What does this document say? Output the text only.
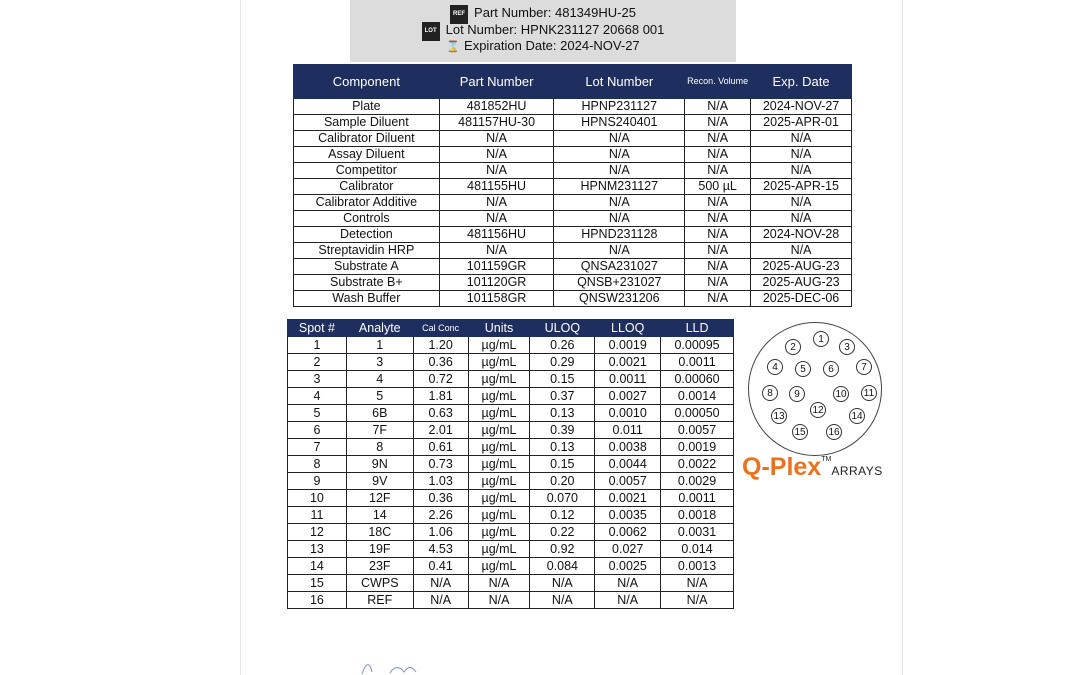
REF Part Number: 481349HU-25
LOT Lot Number: HPNK231127 20668 001
⌛ Expiration Date: 2024-NOV-27
Component	Part Number	Lot Number	Recon. Volume	Exp. Date
Plate	481852HU	HPNP231127	N/A	2024-NOV-27
Sample Diluent	481157HU-30	HPNS240401	N/A	2025-APR-01
Calibrator Diluent	N/A	N/A	N/A	N/A
Assay Diluent	N/A	N/A	N/A	N/A
Competitor	N/A	N/A	N/A	N/A
Calibrator	481155HU	HPNM231127	500 µL	2025-APR-15
Calibrator Additive	N/A	N/A	N/A	N/A
Controls	N/A	N/A	N/A	N/A
Detection	481156HU	HPND231128	N/A	2024-NOV-28
Streptavidin HRP	N/A	N/A	N/A	N/A
Substrate A	101159GR	QNSA231027	N/A	2025-AUG-23
Substrate B+	101120GR	QNSB+231027	N/A	2025-AUG-23
Wash Buffer	101158GR	QNSW231206	N/A	2025-DEC-06
Spot #	Analyte	Cal Conc	Units	ULOQ	LLOQ	LLD
1	1	1.20	µg/mL	0.26	0.0019	0.00095
2	3	0.36	µg/mL	0.29	0.0021	0.0011
3	4	0.72	µg/mL	0.15	0.0011	0.00060
4	5	1.81	µg/mL	0.37	0.0027	0.0014
5	6B	0.63	µg/mL	0.13	0.0010	0.00050
6	7F	2.01	µg/mL	0.39	0.011	0.0057
7	8	0.61	µg/mL	0.13	0.0038	0.0019
8	9N	0.73	µg/mL	0.15	0.0044	0.0022
9	9V	1.03	µg/mL	0.20	0.0057	0.0029
10	12F	0.36	µg/mL	0.070	0.0021	0.0011
11	14	2.26	µg/mL	0.12	0.0035	0.0018
12	18C	1.06	µg/mL	0.22	0.0062	0.0031
13	19F	4.53	µg/mL	0.92	0.027	0.014
14	23F	0.41	µg/mL	0.084	0.0025	0.0013
15	CWPS	N/A	N/A	N/A	N/A	N/A
16	REF	N/A	N/A	N/A	N/A	N/A
1
2	3
4	5	6	7
8	9	10 11
12
13	14
15 16
Q-Plex™ARRAYS
